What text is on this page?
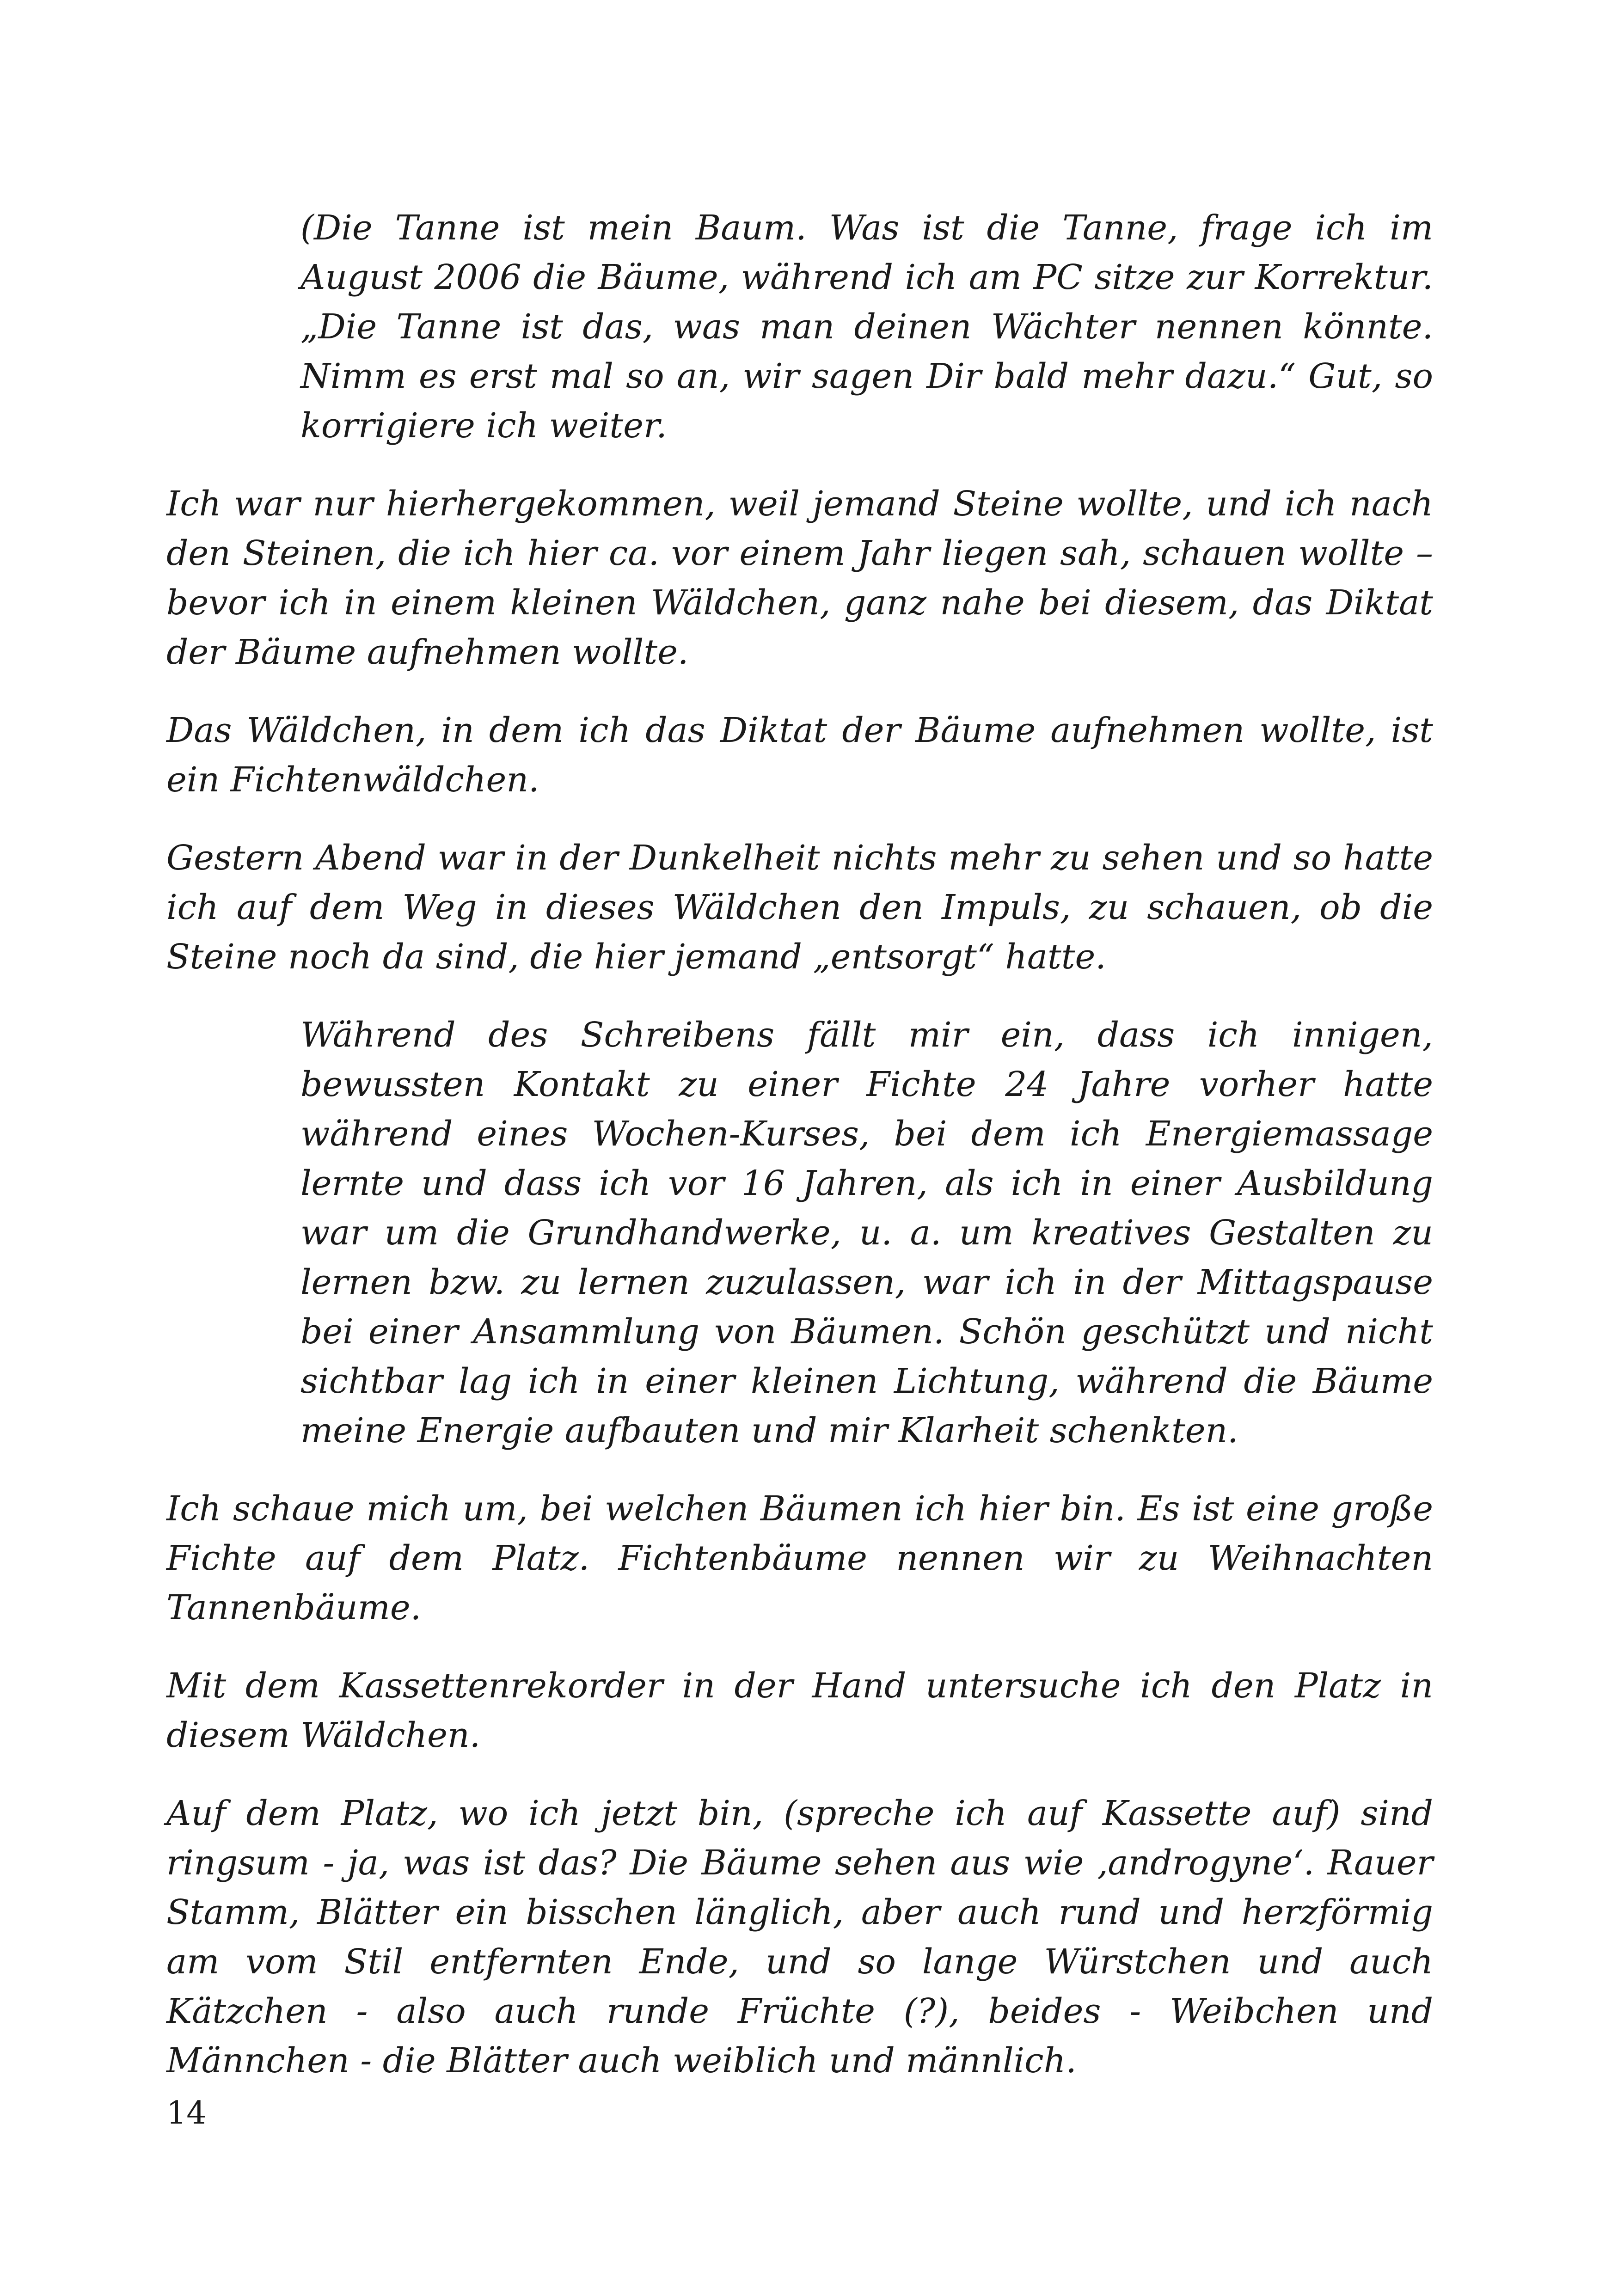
(Die Tanne ist mein Baum. Was ist die Tanne, frage ich im August 2006 die Bäume, während ich am PC sitze zur Korrektur. „Die Tanne ist das, was man deinen Wächter nennen könnte. Nimm es erst mal so an, wir sagen Dir bald mehr dazu.“ Gut, so korrigiere ich weiter.

Ich war nur hierhergekommen, weil jemand Steine wollte, und ich nach den Steinen, die ich hier ca. vor einem Jahr liegen sah, schauen wollte – bevor ich in einem kleinen Wäldchen, ganz nahe bei diesem, das Diktat der Bäume aufnehmen wollte.

Das Wäldchen, in dem ich das Diktat der Bäume aufnehmen wollte, ist ein Fichtenwäldchen.

Gestern Abend war in der Dunkelheit nichts mehr zu sehen und so hatte ich auf dem Weg in dieses Wäldchen den Impuls, zu schauen, ob die Steine noch da sind, die hier jemand „entsorgt“ hatte.

Während des Schreibens fällt mir ein, dass ich innigen, bewussten Kontakt zu einer Fichte 24 Jahre vorher hatte während eines Wochen-Kurses, bei dem ich Energiemassage lernte und dass ich vor 16 Jahren, als ich in einer Ausbildung war um die Grundhandwerke, u. a. um kreatives Gestalten zu lernen bzw. zu lernen zuzulassen, war ich in der Mittagspause bei einer Ansammlung von Bäumen. Schön geschützt und nicht sichtbar lag ich in einer kleinen Lichtung, während die Bäume meine Energie aufbauten und mir Klarheit schenkten.

Ich schaue mich um, bei welchen Bäumen ich hier bin. Es ist eine große Fichte auf dem Platz. Fichtenbäume nennen wir zu Weihnachten Tannenbäume.

Mit dem Kassettenrekorder in der Hand untersuche ich den Platz in diesem Wäldchen.

Auf dem Platz, wo ich jetzt bin, (spreche ich auf Kassette auf) sind ringsum - ja, was ist das? Die Bäume sehen aus wie ‚androgyne‘. Rauer Stamm, Blätter ein bisschen länglich, aber auch rund und herzförmig am vom Stil entfernten Ende, und so lange Würstchen und auch Kätzchen - also auch runde Früchte (?), beides - Weibchen und Männchen - die Blätter auch weiblich und männlich.

14
